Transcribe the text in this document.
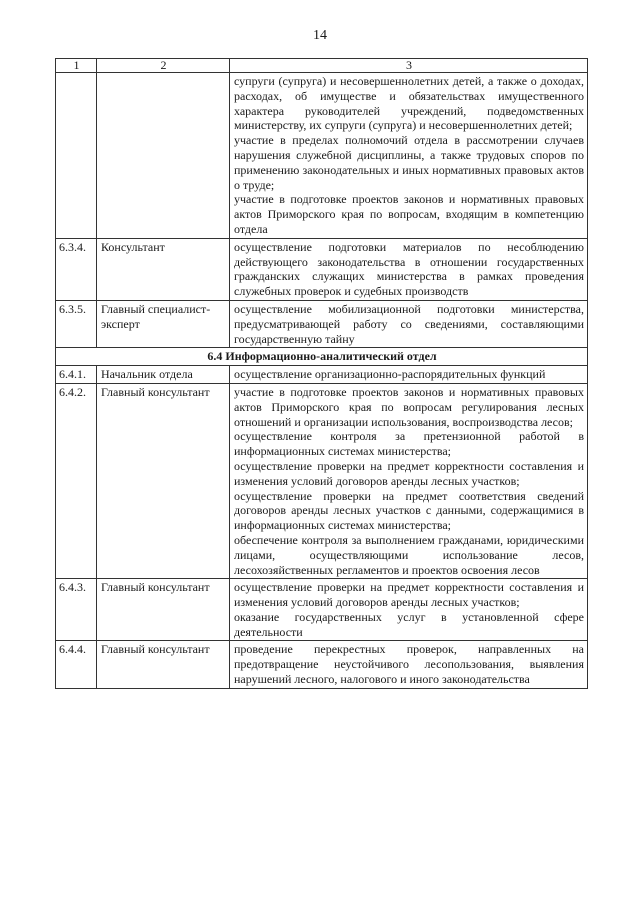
14
1	2	3

		супруги (супруга) и несовершеннолетних детей, а также о доходах, расходах, об имуществе и обязательствах имущественного характера руководителей учреждений, подведомственных министерству, их супруги (супруга) и несовершеннолетних детей;
участие в пределах полномочий отдела в рассмотрении случаев нарушения служебной дисциплины, а также трудовых споров по применению законодательных и иных нормативных правовых актов о труде;
участие в подготовке проектов законов и нормативных правовых актов Приморского края по вопросам, входящим в компетенцию отдела

6.3.4.	Консультант	осуществление подготовки материалов по несоблюдению действующего законодательства в отношении государственных гражданских служащих министерства в рамках проведения служебных проверок и судебных производств

6.3.5.	Главный специалист-эксперт	осуществление мобилизационной подготовки министерства, предусматривающей работу со сведениями, составляющими государственную тайну

6.4 Информационно-аналитический отдел		
6.4.1.	Начальник отдела	осуществление организационно-распорядительных функций

6.4.2.	Главный консультант	участие в подготовке проектов законов и нормативных правовых актов Приморского края по вопросам регулирования лесных отношений и организации использования, воспроизводства лесов;
осуществление контроля за претензионной работой в информационных системах министерства;
осуществление проверки на предмет корректности составления и изменения условий договоров аренды лесных участков;
осуществление проверки на предмет соответствия сведений договоров аренды лесных участков с данными, содержащимися в информационных системах министерства;
обеспечение контроля за выполнением гражданами, юридическими лицами, осуществляющими использование лесов, лесохозяйственных регламентов и проектов освоения лесов

6.4.3.	Главный консультант	осуществление проверки на предмет корректности составления и изменения условий договоров аренды лесных участков;
оказание государственных услуг в установленной сфере деятельности

6.4.4.	Главный консультант	проведение перекрестных проверок, направленных на предотвращение неустойчивого лесопользования, выявления нарушений лесного, налогового и иного законодательства
